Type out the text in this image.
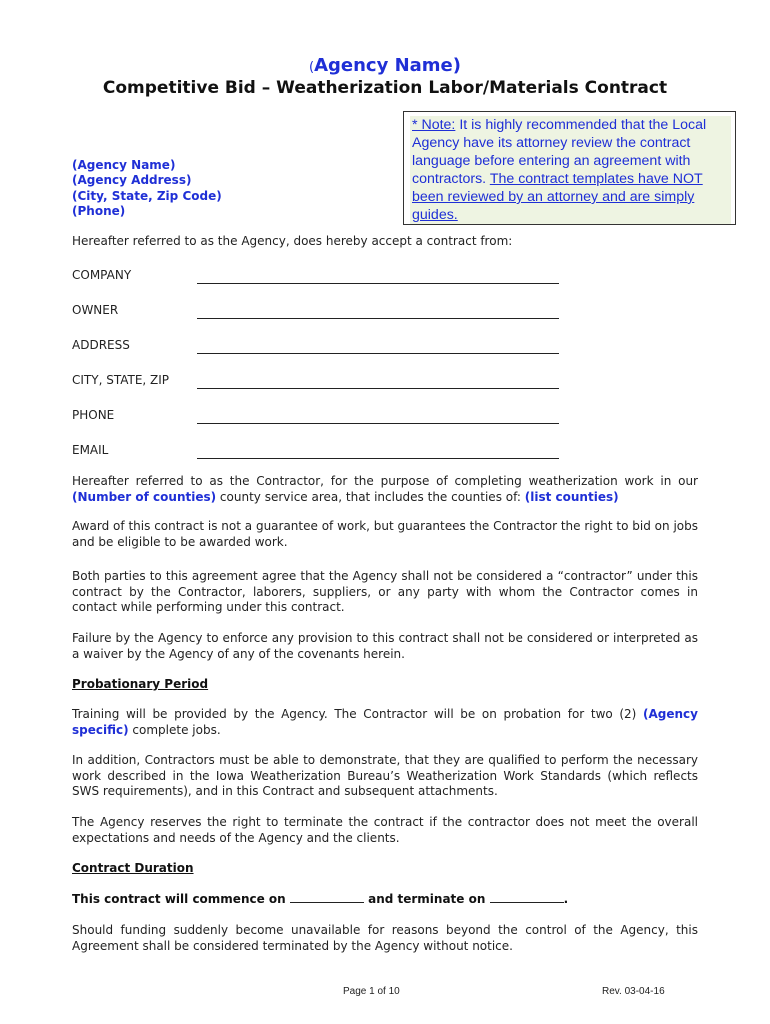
(Agency Name)
Competitive Bid – Weatherization Labor/Materials Contract
* Note: It is highly recommended that the Local Agency have its attorney review the contract language before entering an agreement with contractors. The contract templates have NOT been reviewed by an attorney and are simply guides.
(Agency Name)
(Agency Address)
(City, State, Zip Code)
(Phone)
Hereafter referred to as the Agency, does hereby accept a contract from:
COMPANY
OWNER
ADDRESS
CITY, STATE, ZIP
PHONE
EMAIL
Hereafter referred to as the Contractor, for the purpose of completing weatherization work in our (Number of counties) county service area, that includes the counties of: (list counties)
Award of this contract is not a guarantee of work, but guarantees the Contractor the right to bid on jobs and be eligible to be awarded work.
Both parties to this agreement agree that the Agency shall not be considered a “contractor” under this contract by the Contractor, laborers, suppliers, or any party with whom the Contractor comes in contact while performing under this contract.
Failure by the Agency to enforce any provision to this contract shall not be considered or interpreted as a waiver by the Agency of any of the covenants herein.
Probationary Period
Training will be provided by the Agency. The Contractor will be on probation for two (2) (Agency specific) complete jobs.
In addition, Contractors must be able to demonstrate, that they are qualified to perform the necessary work described in the Iowa Weatherization Bureau’s Weatherization Work Standards (which reflects SWS requirements), and in this Contract and subsequent attachments.
The Agency reserves the right to terminate the contract if the contractor does not meet the overall expectations and needs of the Agency and the clients.
Contract Duration
This contract will commence on	and terminate on	.
Should funding suddenly become unavailable for reasons beyond the control of the Agency, this Agreement shall be considered terminated by the Agency without notice.
Page 1 of 10	Rev. 03-04-16
